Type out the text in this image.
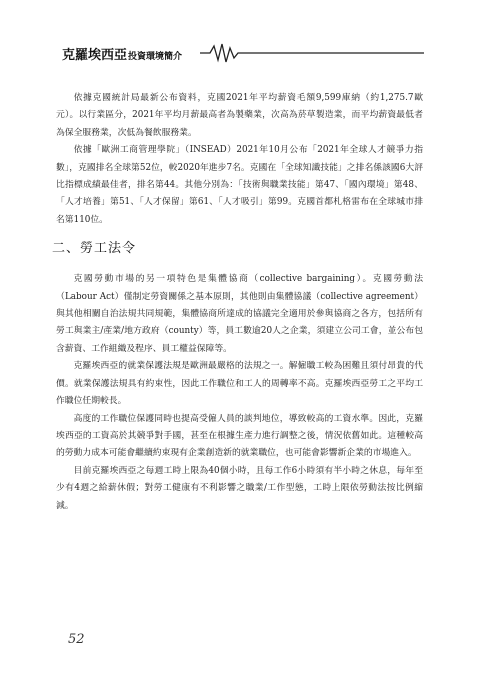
克羅埃西亞投資環境簡介

依據克國統計局最新公布資料，克國2021年平均薪資毛額9,599庫納（約1,275.7歐元）。以行業區分，2021年平均月薪最高者為製藥業，次高為菸草製造業，而平均薪資最低者為保全服務業，次低為餐飲服務業。

依據「歐洲工商管理學院」（INSEAD）2021年10月公布「2021年全球人才競爭力指數」，克國排名全球第52位，較2020年進步7名。克國在「全球知識技能」之排名係該國6大評比指標成績最佳者，排名第44。其他分別為：「技術與職業技能」第47、「國內環境」第48、「人才培養」第51、「人才保留」第61、「人才吸引」第99。克國首都札格雷布在全球城市排名第110位。

二、勞工法令

克國勞動市場的另一項特色是集體協商（collective bargaining）。克國勞動法（Labour Act）僅制定勞資關係之基本原則，其他則由集體協議（collective agreement）與其他相關自治法規共同規範，集體協商所達成的協議完全適用於參與協商之各方，包括所有勞工與業主/產業/地方政府（county）等，員工數逾20人之企業，須建立公司工會，並公布包含薪資、工作組織及程序、員工權益保障等。

克羅埃西亞的就業保護法規是歐洲最嚴格的法規之一。解僱職工較為困難且須付昂貴的代價。就業保護法規具有約束性，因此工作職位和工人的周轉率不高。克羅埃西亞勞工之平均工作職位任期較長。

高度的工作職位保護同時也提高受僱人員的談判地位，導致較高的工資水準。因此，克羅埃西亞的工資高於其競爭對手國，甚至在根據生產力進行調整之後，情況依舊如此。這種較高的勞動力成本可能會繼續約束現有企業創造新的就業職位，也可能會影響新企業的市場進入。

目前克羅埃西亞之每週工時上限為40個小時，且每工作6小時須有半小時之休息，每年至少有4週之給薪休假；對勞工健康有不利影響之職業/工作型態，工時上限依勞動法按比例縮減。

52
